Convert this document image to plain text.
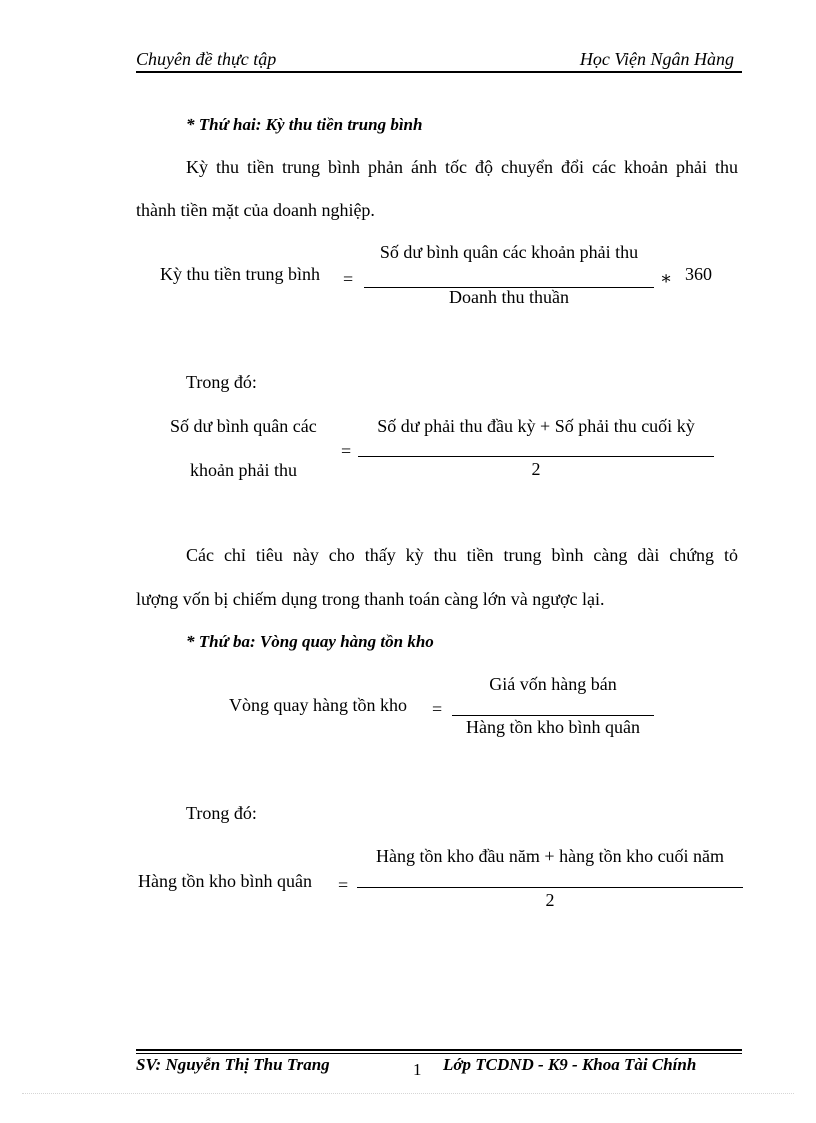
Chuyên đề thực tập	Học Viện Ngân Hàng
* Thứ hai: Kỳ thu tiền trung bình
Kỳ thu tiền trung bình phản ánh tốc độ chuyển đổi các khoản phải thu
thành tiền mặt của doanh nghiệp.
Kỳ thu tiền trung bình =
Số dư bình quân các khoản phải thu
Doanh thu thuần
∗ 360
Trong đó:
Số dư bình quân các
khoản phải thu
=
Số dư phải thu đầu kỳ + Số phải thu cuối kỳ
2
Các chỉ tiêu này cho thấy kỳ thu tiền trung bình càng dài chứng tỏ
lượng vốn bị chiếm dụng trong thanh toán càng lớn và ngược lại.
* Thứ ba: Vòng quay hàng tồn kho
Vòng quay hàng tồn kho =
Giá vốn hàng bán
Hàng tồn kho bình quân
Trong đó:
Hàng tồn kho bình quân =
Hàng tồn kho đầu năm + hàng tồn kho cuối năm
2
SV: Nguyễn Thị Thu Trang	1 Lớp TCDND - K9 - Khoa Tài Chính
